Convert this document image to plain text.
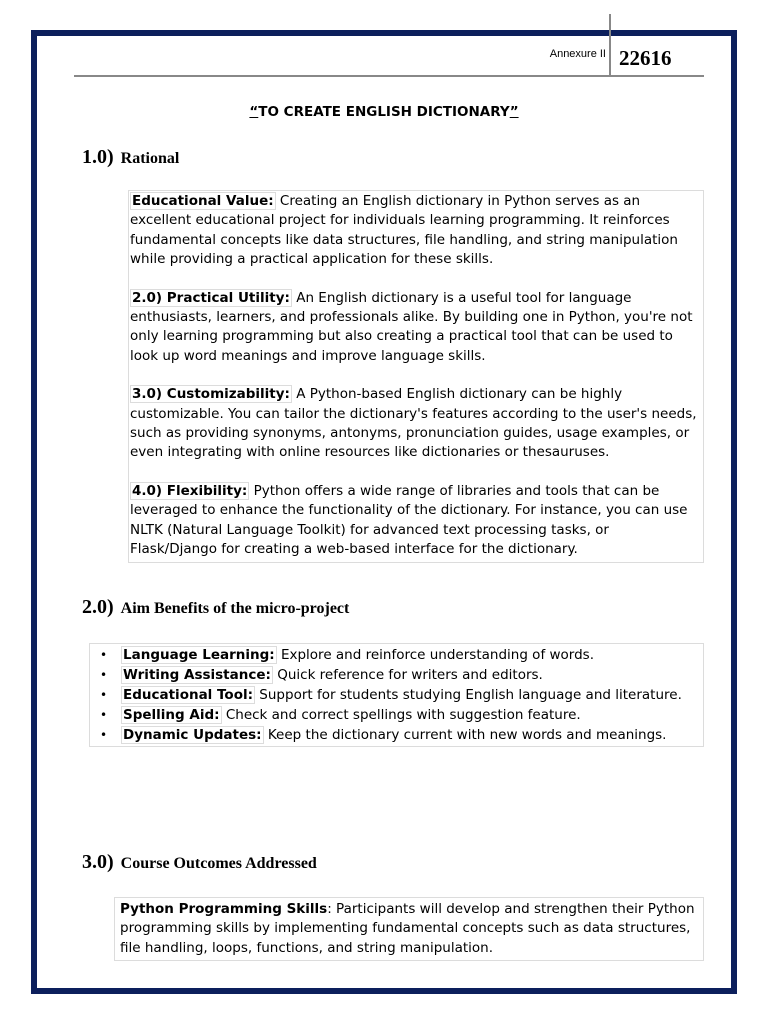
Annexure II 22616
“TO CREATE ENGLISH DICTIONARY”
1.0) Rational

Educational Value: Creating an English dictionary in Python serves as an excellent educational project for individuals learning programming. It reinforces fundamental concepts like data structures, file handling, and string manipulation while providing a practical application for these skills.

2.0) Practical Utility: An English dictionary is a useful tool for language enthusiasts, learners, and professionals alike. By building one in Python, you're not only learning programming but also creating a practical tool that can be used to look up word meanings and improve language skills.

3.0) Customizability: A Python-based English dictionary can be highly customizable. You can tailor the dictionary's features according to the user's needs, such as providing synonyms, antonyms, pronunciation guides, usage examples, or even integrating with online resources like dictionaries or thesauruses.

4.0) Flexibility: Python offers a wide range of libraries and tools that can be leveraged to enhance the functionality of the dictionary. For instance, you can use NLTK (Natural Language Toolkit) for advanced text processing tasks, or Flask/Django for creating a web-based interface for the dictionary.

2.0) Aim Benefits of the micro-project
• Language Learning: Explore and reinforce understanding of words.
• Writing Assistance: Quick reference for writers and editors.
• Educational Tool: Support for students studying English language and literature.
• Spelling Aid: Check and correct spellings with suggestion feature.
• Dynamic Updates: Keep the dictionary current with new words and meanings.
3.0) Course Outcomes Addressed

Python Programming Skills: Participants will develop and strengthen their Python programming skills by implementing fundamental concepts such as data structures, file handling, loops, functions, and string manipulation.
